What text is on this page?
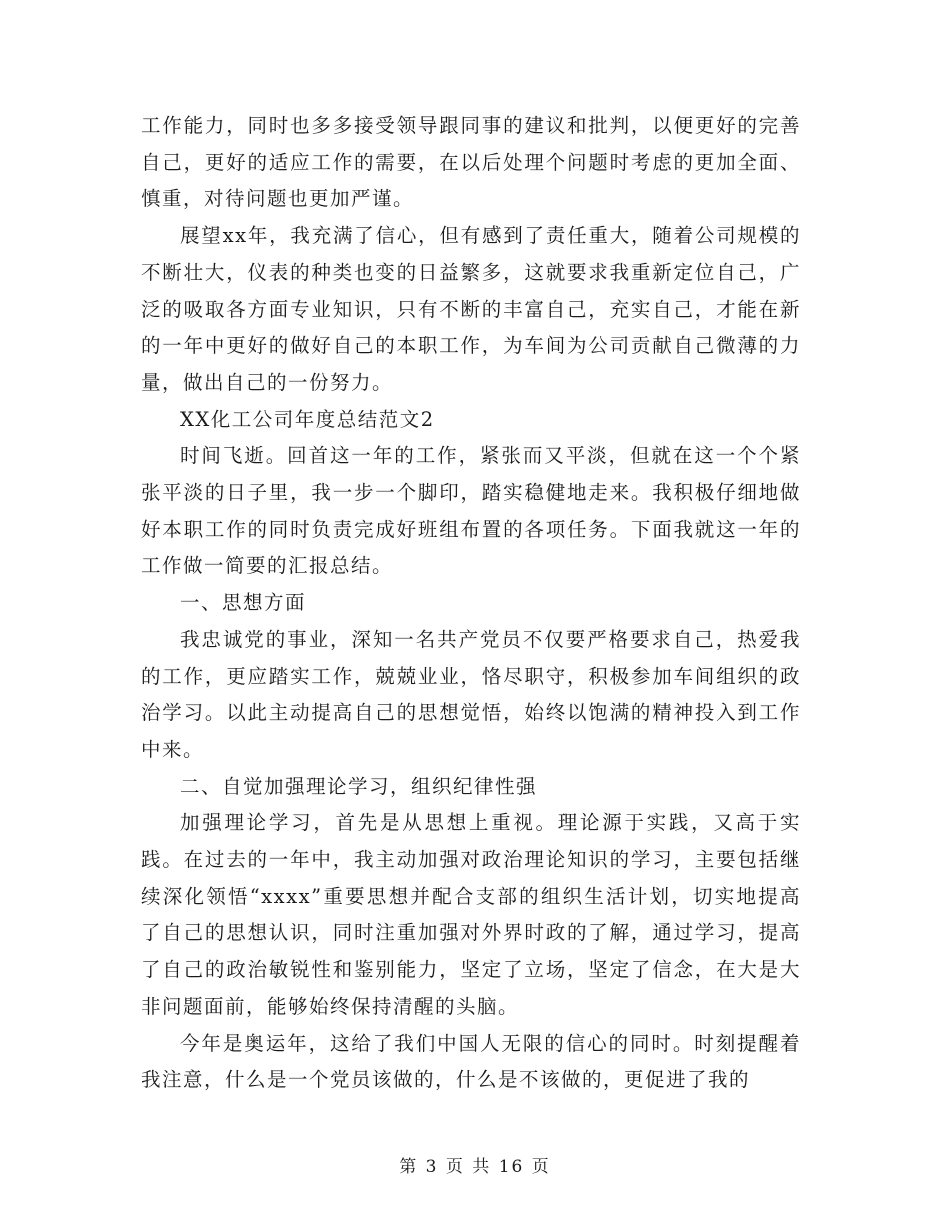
工作能力，同时也多多接受领导跟同事的建议和批判，以便更好的完善自己，更好的适应工作的需要，在以后处理个问题时考虑的更加全面、慎重，对待问题也更加严谨。

展望xx年，我充满了信心，但有感到了责任重大，随着公司规模的不断壮大，仪表的种类也变的日益繁多，这就要求我重新定位自己，广泛的吸取各方面专业知识，只有不断的丰富自己，充实自己，才能在新的一年中更好的做好自己的本职工作，为车间为公司贡献自己微薄的力量，做出自己的一份努力。

XX化工公司年度总结范文2

时间飞逝。回首这一年的工作，紧张而又平淡，但就在这一个个紧张平淡的日子里，我一步一个脚印，踏实稳健地走来。我积极仔细地做好本职工作的同时负责完成好班组布置的各项任务。下面我就这一年的工作做一简要的汇报总结。

一、思想方面

我忠诚党的事业，深知一名共产党员不仅要严格要求自己，热爱我的工作，更应踏实工作，兢兢业业，恪尽职守，积极参加车间组织的政治学习。以此主动提高自己的思想觉悟，始终以饱满的精神投入到工作中来。

二、自觉加强理论学习，组织纪律性强

加强理论学习，首先是从思想上重视。理论源于实践，又高于实践。在过去的一年中，我主动加强对政治理论知识的学习，主要包括继续深化领悟“xxxx”重要思想并配合支部的组织生活计划，切实地提高了自己的思想认识，同时注重加强对外界时政的了解，通过学习，提高了自己的政治敏锐性和鉴别能力，坚定了立场，坚定了信念，在大是大非问题面前，能够始终保持清醒的头脑。

今年是奥运年，这给了我们中国人无限的信心的同时。时刻提醒着我注意，什么是一个党员该做的，什么是不该做的，更促进了我的

第 3 页 共 16 页
